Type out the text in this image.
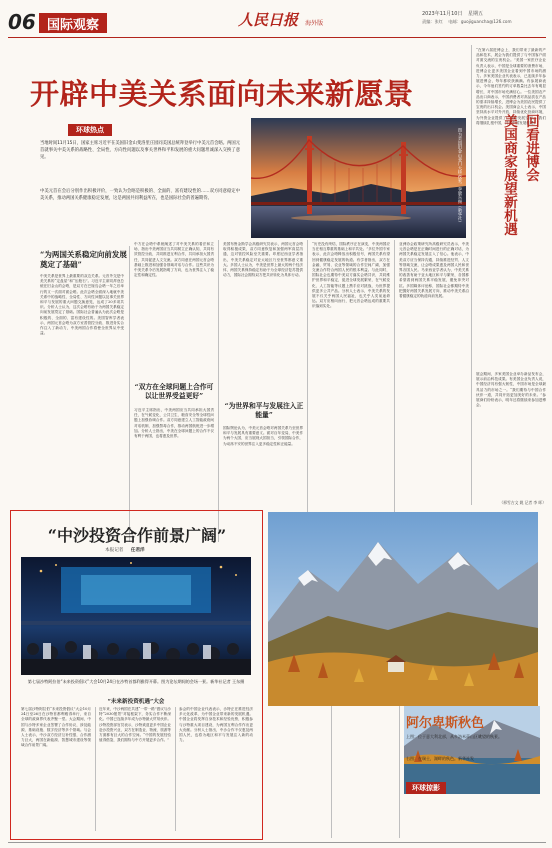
06 国际观察	人民日报 海外版
2023年11月10日 星期五
责编：张红 电邮：guojiguancha@126.com
开辟中美关系面向未来新愿景
环球热点
当地时间11月15日，国家主席习近平在美国旧金山斐洛里庄园同美国总统拜登举行中美元首会晤。两国元首就事关中美关系的战略性、全局性、方向性问题以及事关世界和平和发展的重大问题坦诚深入交换了意见。
中美元首在会后分别作出积极评价，一致认为会晤是积极的、全面的、富有建设性的……双方同意稳定中美关系，推动两国关系健康稳定发展，这是两国共同利益所在，也是国际社会的普遍期待。	图为美国旧金山金门大桥夜景。李晓东摄（新华社）
“为两国关系稳定向前发展奠定了基础”
中美关系是世界上最重要的双边关系。元首外交是中美关系的“定盘星”和“压舱石”。习近平主席同拜登总统在旧金山的会晤，是双方在巴厘岛会晤一年之后举行的又一次面对面会晤。此次会晤全面深入地就中美关系中的战略性、全局性、方向性问题以及事关世界和平与发展的重大问题交换意见，达成了20多项共识。分析人士认为，这次会晤有助于为两国关系稳定向前发展奠定了基础。国际社会普遍认为此次会晤是积极的、全面的、富有建设性的。美国智库学者表示，两国元首会晤为双方妥善管控分歧、推进务实合作注入了新动力，中美两国合作将使全世界从中受益。
中方在会晤中系统阐述了对中美关系的看法和立场，指出中美两国应当共同树立正确认知，共同有效管控分歧，共同推进互利合作，共同承担大国责任，共同促进人文交流。双方同意在两国元首会晤基础上推进和加强各领域对话与合作。这些共识为中美关系今后发展指明了方向，也为世界注入了稳定性和确定性。
“双方在全球问题上合作可以让世界受益更好”
习近平主席指出，中美两国应当共同承担大国责任，在气候变化、公共卫生、粮食安全等全球性问题上加强协调合作。双方同意建立人工智能政府间对话机制，加强禁毒合作，推动两国航班进一步增加。分析人士指出，中美在全球问题上的合作不仅有利于两国，也将惠及世界。
美国布鲁金斯学会高级研究员表示，两国元首会晤取得积极成果，双方同意恢复和加强两军高层沟通，这对管控风险至关重要。印度尼西亚学者指出，中美关系稳定对亚太地区乃至世界都意义重大。多国人士认为，中美是世界上最大的两个经济体，两国关系保持稳定有助于为全球经济复苏提供动力，国际社会期待双方把共识转化为具体行动。
“为世界和平与发展注入正能量”
国际舆论认为，中美元首会晤对两国关系乃至世界和平与发展具有重要意义。面对百年变局，中美作为两个大国，应当展现大国担当，引领国际合作，为动荡不安的世界注入更多稳定性和正能量。
“历史没有终结，国际秩序正在演变，中美两国应当在相互尊重的基础上和平共处。”多位外国专家表示，此次会晤释放出积极信号，两国关系有望回到健康稳定发展的轨道。有学者指出，双方在金融、贸易、农业等领域的合作空间广阔，加强交流合作符合两国人民的根本利益。与此同时，国际社会也期待中美双方落实会晤共识，共同维护世界和平稳定，促进全球发展繁荣，在气候变化、人工智能等议题上携手应对挑战，为世界提供更多公共产品。分析人士表示，中美关系的发展不仅关乎两国人民福祉，也关乎人类前途命运。双方应相向而行，把元首会晤达成的重要共识落到实处。
亚洲协会政策研究所高级研究员表示，中美元首会晤是在正确时间进行的正确对话，为两国关系稳定发展注入了信心。他表示，中美双方应当保持沟通，持续推进经贸、人文等领域交流，让会晤成果惠及两国人民和世界各国人民。马来西亚学者认为，中美关系的改善有助于亚太地区和平与繁荣，各国都希望看到两国关系平稳发展，避免冲突对抗。多国媒体评论称，国际社会都期待中美把握好两国关系发展方向，推动中美关系沿着健康稳定的轨道向前发展。
“在第六届进博会上，我们带来了最新的产品和技术，展会为我们提供了与中国客户面对面交流的宝贵机会。”美国一家医疗企业负责人表示，中国是全球重要的消费市场，进博会让更多美国企业看到中国市场的潜力。多家美国企业代表表示，已连续多年参展进博会，每年都收获满满。有参展商表示，今年他们签约的订单数量比去年有明显增长，对中国市场充满信心。一位美国农产品出口商表示，中国消费者对高品质农产品的需求持续增长，进博会为美国农民提供了宝贵的出口机会。美国商会人士表示，中国坚持高水平对外开放，持续优化营商环境，为外资企业提供了广阔的发展空间。“我们将继续扎根中国，共享中国发展机遇。”
回看进博会
美国商家展望新机遇
展会期间，多家美国企业举办新品发布会，展示前沿科技成果。有美国企业负责人说，中国经济具有强大韧性，中国市场是全球最具活力的市场之一。“我们期待与中国合作伙伴一道，共同开拓更加美好的未来。”参展商们纷纷表示，明年还将继续来参加进博会。
（邢雪吉文 姚 记者 李 晖）
“中沙投资合作前景广阔”
本报记者 任君洋
第七届沙特阿拉伯“未来投资倡议”大会10月24日在沙特首都利雅得开幕。图为论坛期间的会场一景。新华社记者 王东摄
“未来新投资机遇”大会
第七届沙特阿拉伯“未来投资倡议”大会10月24日至26日在沙特首都利雅得举行，来自全球的政商界代表齐聚一堂。大会期间，中国与沙特多家企业签署了合作协议，涉及能源、基础设施、数字经济等多个领域。与会人士表示，中沙双方经济互补性强，合作潜力巨大，两国在新能源、智慧城市建设等领域合作前景广阔。
近年来，中沙两国在共建“一带一路”倡议与沙特“2030愿景”对接框架下，务实合作不断深化。中国已连续多年成为沙特最大贸易伙伴。沙特投资部官员表示，沙特欢迎更多中国企业赴沙投资兴业，双方在制造业、物流、旅游等方面都有巨大的合作空间。“中国的发展经验值得借鉴，我们期待与中方开展更多合作。”
参会的中国企业代表表示，沙特正在推进经济多元化改革，为中国企业带来新的发展机遇。中国企业将发挥自身技术和经验优势，积极参与沙特重大项目建设，为两国互利合作作出更大贡献。分析人士指出，中沙合作不仅惠及两国人民，也将为地区和平与发展注入新的动力。
阿尔卑斯秋色
上图：位于意大利北部，从多洛米蒂山区眺望的秋景。
右图：在瑞士，湖畔的秋色。新华社发
环球掠影
